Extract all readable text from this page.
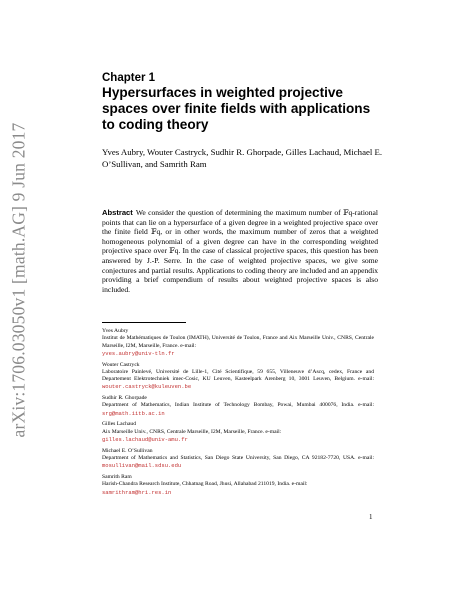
arXiv:1706.03050v1 [math.AG] 9 Jun 2017
Chapter 1
Hypersurfaces in weighted projective spaces over finite fields with applications to coding theory
Yves Aubry, Wouter Castryck, Sudhir R. Ghorpade, Gilles Lachaud, Michael E. O’Sullivan, and Samrith Ram

Abstract We consider the question of determining the maximum number of 𝔽q-rational points that can lie on a hypersurface of a given degree in a weighted projective space over the finite field 𝔽q, or in other words, the maximum number of zeros that a weighted homogeneous polynomial of a given degree can have in the corresponding weighted projective space over 𝔽q. In the case of classical projective spaces, this question has been answered by J.-P. Serre. In the case of weighted projective spaces, we give some conjectures and partial results. Applications to coding theory are included and an appendix providing a brief compendium of results about weighted projective spaces is also included.

Yves Aubry
Institut de Mathématiques de Toulon (IMATH), Université de Toulon, France and Aix Marseille Univ., CNRS, Centrale Marseille, I2M, Marseille, France. e-mail:
yves.aubry@univ-tln.fr
Wouter Castryck
Laboratoire Painlevé, Université de Lille-1, Cité Scientifique, 59 655, Villeneuve d’Ascq, cedex, France and Departement Elektrotechniek imec-Cosic, KU Leuven, Kasteelpark Arenberg 10, 3001 Leuven, Belgium. e-mail: wouter.castryck@kuleuven.be
Sudhir R. Ghorpade
Department of Mathematics, Indian Institute of Technology Bombay, Powai, Mumbai 400076, India. e-mail: srg@math.iitb.ac.in
Gilles Lachaud
Aix Marseille Univ., CNRS, Centrale Marseille, I2M, Marseille, France. e-mail:
gilles.lachaud@univ-amu.fr
Michael E. O’Sullivan
Department of Mathematics and Statistics, San Diego State University, San Diego, CA 92182-7720, USA. e-mail: mosullivan@mail.sdsu.edu
Samrith Ram
Harish-Chandra Research Institute, Chhatnag Road, Jhusi, Allahabad 211019, India. e-mail:
samrithram@hri.res.in
1
